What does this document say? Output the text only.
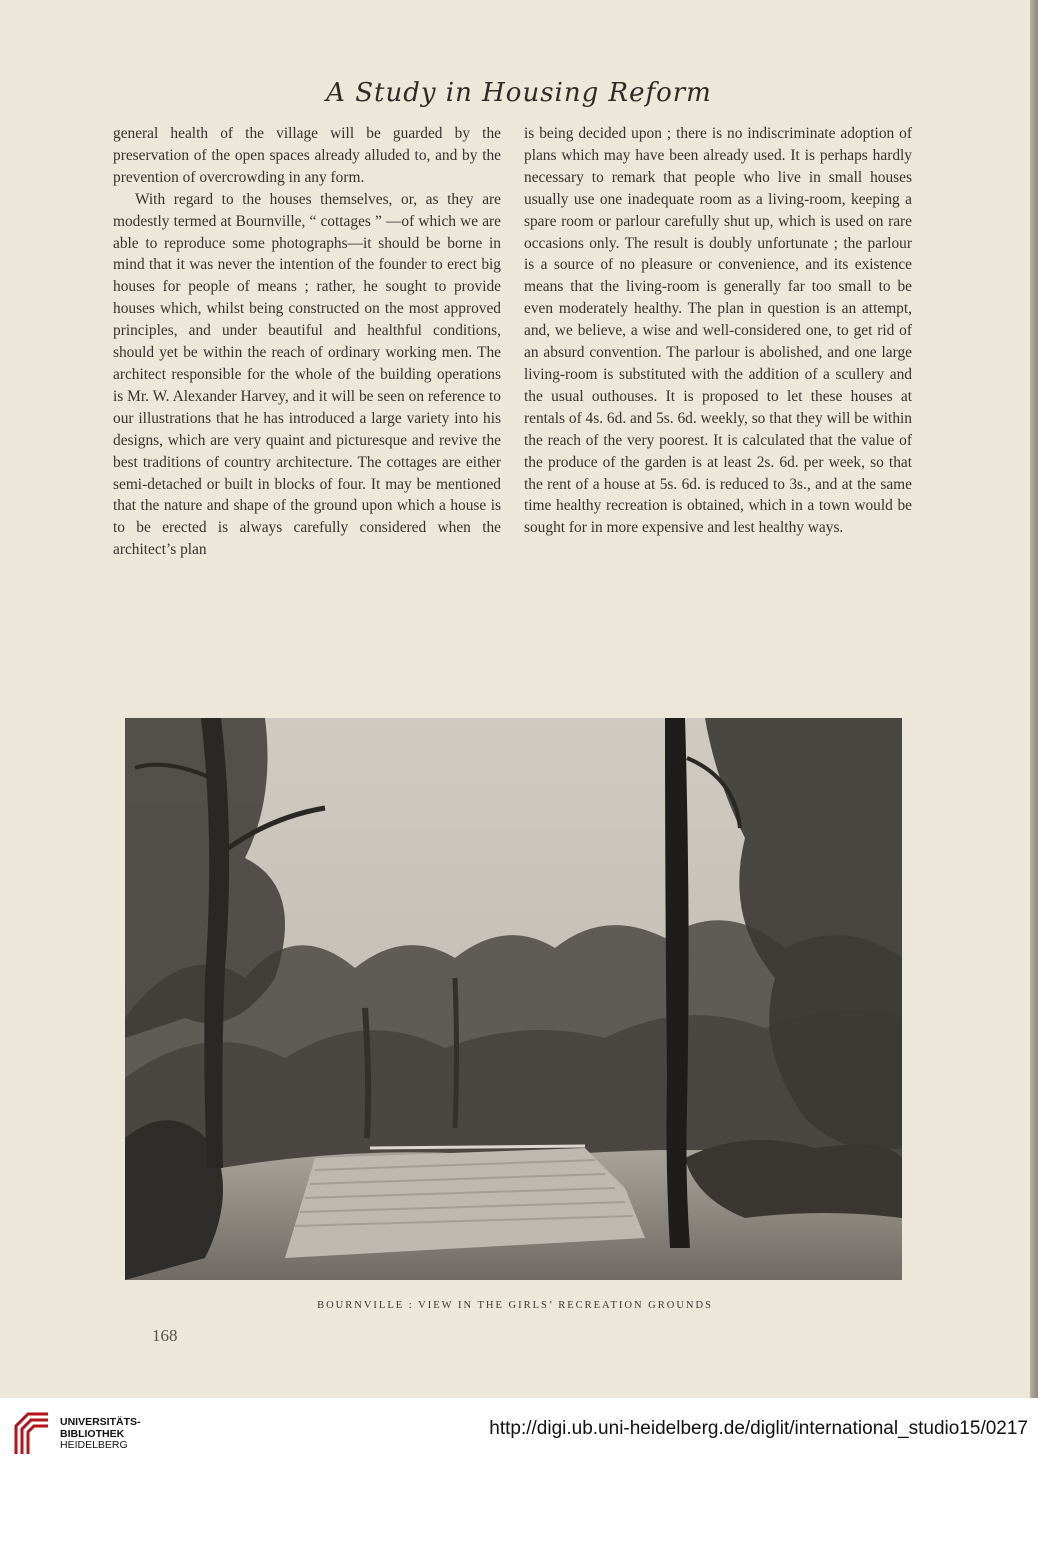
A Study in Housing Reform

general health of the village will be guarded by the preservation of the open spaces already alluded to, and by the prevention of overcrowding in any form.

With regard to the houses themselves, or, as they are modestly termed at Bournville, “ cottages ” —of which we are able to reproduce some photographs—it should be borne in mind that it was never the intention of the founder to erect big houses for people of means ; rather, he sought to provide houses which, whilst being constructed on the most approved principles, and under beautiful and healthful conditions, should yet be within the reach of ordinary working men. The architect responsible for the whole of the building operations is Mr. W. Alexander Harvey, and it will be seen on reference to our illustrations that he has introduced a large variety into his designs, which are very quaint and picturesque and revive the best traditions of country architecture. The cottages are either semi-detached or built in blocks of four. It may be mentioned that the nature and shape of the ground upon which a house is to be erected is always carefully considered when the architect’s plan

is being decided upon ; there is no indiscriminate adoption of plans which may have been already used. It is perhaps hardly necessary to remark that people who live in small houses usually use one inadequate room as a living-room, keeping a spare room or parlour carefully shut up, which is used on rare occasions only. The result is doubly unfortunate ; the parlour is a source of no pleasure or convenience, and its existence means that the living-room is generally far too small to be even moderately healthy. The plan in question is an attempt, and, we believe, a wise and well-considered one, to get rid of an absurd convention. The parlour is abolished, and one large living-room is substituted with the addition of a scullery and the usual outhouses. It is proposed to let these houses at rentals of 4s. 6d. and 5s. 6d. weekly, so that they will be within the reach of the very poorest. It is calculated that the value of the produce of the garden is at least 2s. 6d. per week, so that the rent of a house at 5s. 6d. is reduced to 3s., and at the same time healthy recreation is obtained, which in a town would be sought for in more expensive and lest healthy ways.

BOURNVILLE : VIEW IN THE GIRLS’ RECREATION GROUNDS
168
UNIVERSITÄTS-
BIBLIOTHEK
HEIDELBERG
http://digi.ub.uni-heidelberg.de/diglit/international_studio15/0217
